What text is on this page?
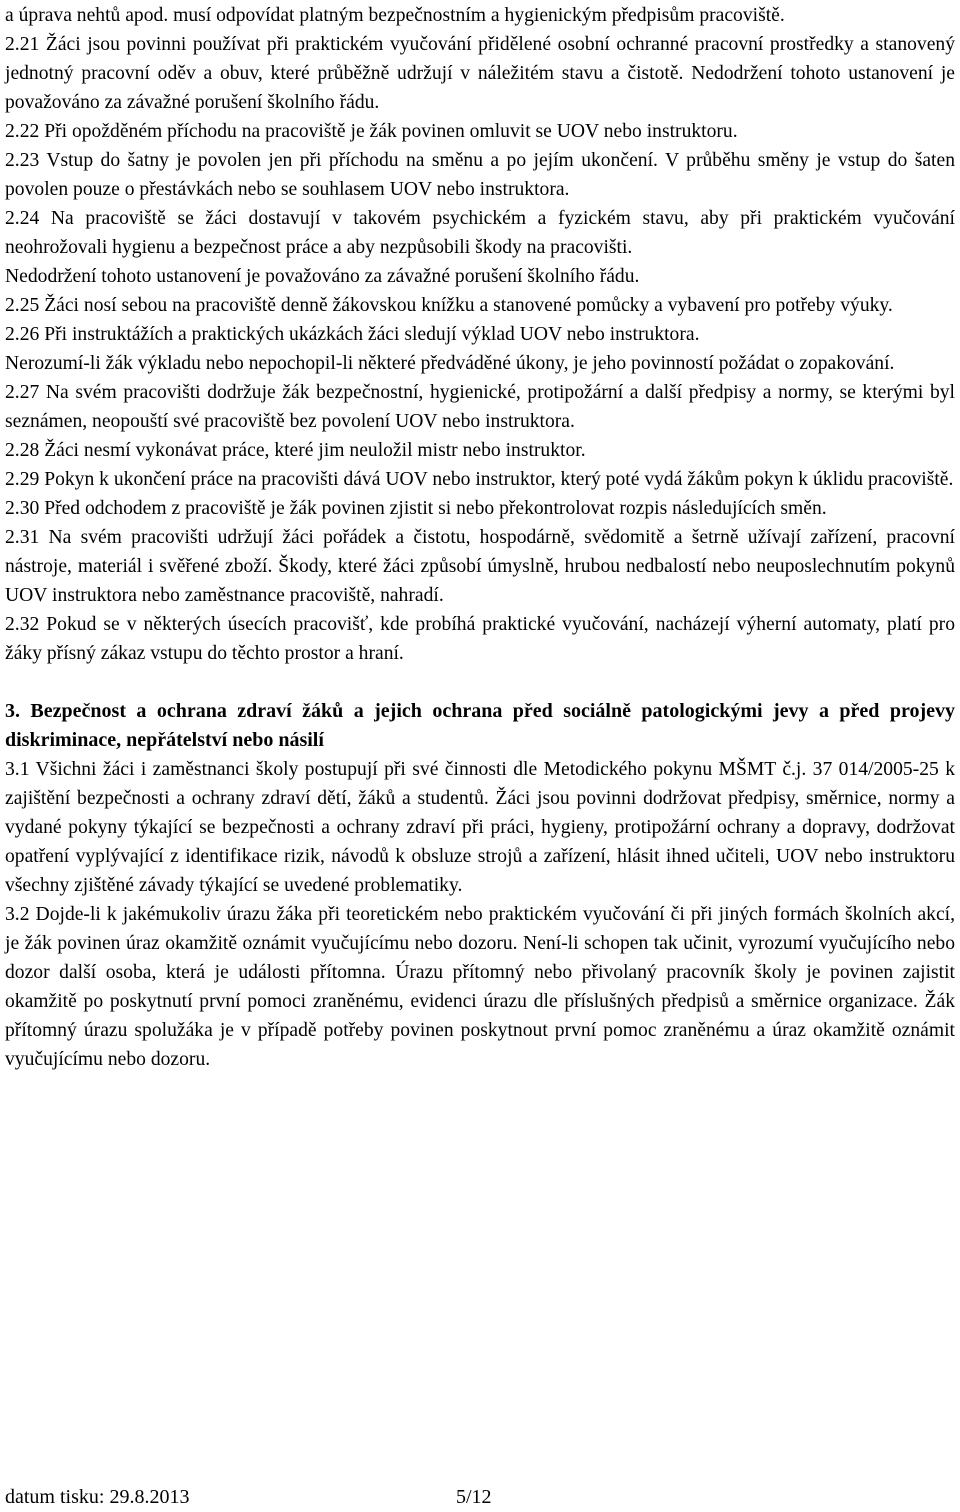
a úprava nehtů apod. musí odpovídat platným bezpečnostním a hygienickým předpisům pracoviště.

2.21 Žáci jsou povinni používat při praktickém vyučování přidělené osobní ochranné pracovní prostředky a stanovený jednotný pracovní oděv a obuv, které průběžně udržují v náležitém stavu a čistotě. Nedodržení tohoto ustanovení je považováno za závažné porušení školního řádu.

2.22 Při opožděném příchodu na pracoviště je žák povinen omluvit se UOV nebo instruktoru.

2.23 Vstup do šatny je povolen jen při příchodu na směnu a po jejím ukončení. V průběhu směny je vstup do šaten povolen pouze o přestávkách nebo se souhlasem UOV nebo instruktora.

2.24 Na pracoviště se žáci dostavují v takovém psychickém a fyzickém stavu, aby při praktickém vyučování neohrožovali hygienu a bezpečnost práce a aby nezpůsobili škody na pracovišti.

Nedodržení tohoto ustanovení je považováno za závažné porušení školního řádu.

2.25 Žáci nosí sebou na pracoviště denně žákovskou knížku a stanovené pomůcky a vybavení pro potřeby výuky.

2.26 Při instruktážích a praktických ukázkách žáci sledují výklad UOV nebo instruktora.

Nerozumí-li žák výkladu nebo nepochopil-li některé předváděné úkony, je jeho povinností požádat o zopakování.

2.27 Na svém pracovišti dodržuje žák bezpečnostní, hygienické, protipožární a další předpisy a normy, se kterými byl seznámen, neopouští své pracoviště bez povolení UOV nebo instruktora.

2.28 Žáci nesmí vykonávat práce, které jim neuložil mistr nebo instruktor.

2.29 Pokyn k ukončení práce na pracovišti dává UOV nebo instruktor, který poté vydá žákům pokyn k úklidu pracoviště.

2.30 Před odchodem z pracoviště je žák povinen zjistit si nebo překontrolovat rozpis následujících směn.

2.31 Na svém pracovišti udržují žáci pořádek a čistotu, hospodárně, svědomitě a šetrně užívají zařízení, pracovní nástroje, materiál i svěřené zboží. Škody, které žáci způsobí úmyslně, hrubou nedbalostí nebo neuposlechnutím pokynů UOV instruktora nebo zaměstnance pracoviště, nahradí.

2.32 Pokud se v některých úsecích pracovišť, kde probíhá praktické vyučování, nacházejí výherní automaty, platí pro žáky přísný zákaz vstupu do těchto prostor a hraní.

3. Bezpečnost a ochrana zdraví žáků a jejich ochrana před sociálně patologickými jevy a před projevy diskriminace, nepřátelství nebo násilí

3.1 Všichni žáci i zaměstnanci školy postupují při své činnosti dle Metodického pokynu MŠMT č.j. 37 014/2005-25 k zajištění bezpečnosti a ochrany zdraví dětí, žáků a studentů. Žáci jsou povinni dodržovat předpisy, směrnice, normy a vydané pokyny týkající se bezpečnosti a ochrany zdraví při práci, hygieny, protipožární ochrany a dopravy, dodržovat opatření vyplývající z identifikace rizik, návodů k obsluze strojů a zařízení, hlásit ihned učiteli, UOV nebo instruktoru všechny zjištěné závady týkající se uvedené problematiky.

3.2 Dojde-li k jakémukoliv úrazu žáka při teoretickém nebo praktickém vyučování či při jiných formách školních akcí, je žák povinen úraz okamžitě oznámit vyučujícímu nebo dozoru. Není-li schopen tak učinit, vyrozumí vyučujícího nebo dozor další osoba, která je události přítomna. Úrazu přítomný nebo přivolaný pracovník školy je povinen zajistit okamžitě po poskytnutí první pomoci zraněnému, evidenci úrazu dle příslušných předpisů a směrnice organizace. Žák přítomný úrazu spolužáka je v případě potřeby povinen poskytnout první pomoc zraněnému a úraz okamžitě oznámit vyučujícímu nebo dozoru.

datum tisku: 29.8.2013	5/12
